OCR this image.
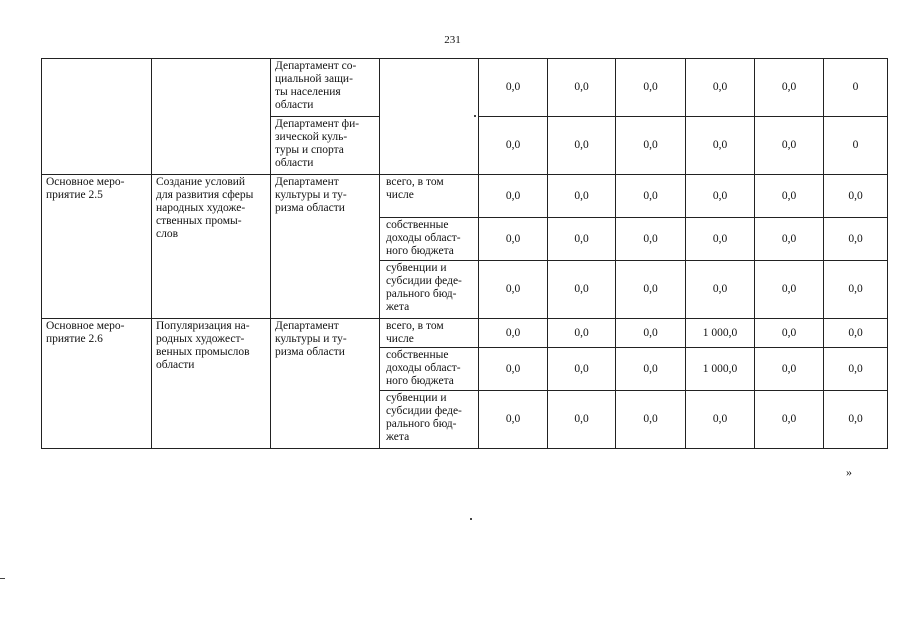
231
		Департамент со-
циальной защи-
ты населения
области		0,0	0,0	0,0	0,0	0,0	0
		Департамент фи-
зической куль-
туры и спорта
области		0,0	0,0	0,0	0,0	0,0	0
Основное меро-
приятие 2.5	Создание условий
для развития сферы
народных художе-
ственных промы-
слов	Департамент
культуры и ту-
ризма области	всего, в том
числе	0,0	0,0	0,0	0,0	0,0	0,0
			собственные
доходы област-
ного бюджета	0,0	0,0	0,0	0,0	0,0	0,0
			субвенции и
субсидии феде-
рального бюд-
жета	0,0	0,0	0,0	0,0	0,0	0,0
Основное меро-
приятие 2.6	Популяризация на-
родных художест-
венных промыслов
области	Департамент
культуры и ту-
ризма области	всего, в том
числе	0,0	0,0	0,0	1 000,0	0,0	0,0
			собственные
доходы област-
ного бюджета	0,0	0,0	0,0	1 000,0	0,0	0,0
			субвенции и
субсидии феде-
рального бюд-
жета	0,0	0,0	0,0	0,0	0,0	0,0
»
